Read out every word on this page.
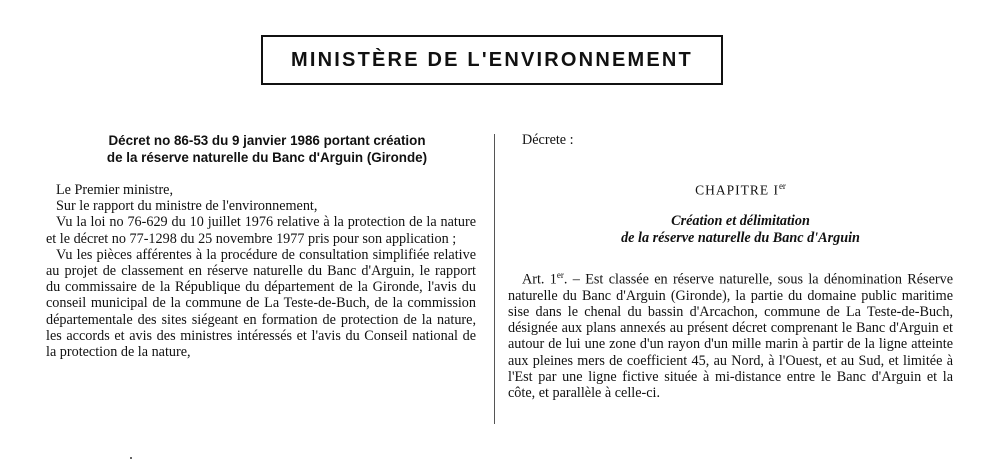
MINISTÈRE DE L'ENVIRONNEMENT
Décret no 86-53 du 9 janvier 1986 portant création
de la réserve naturelle du Banc d'Arguin (Gironde)

Le Premier ministre,

Sur le rapport du ministre de l'environnement,

Vu la loi no 76-629 du 10 juillet 1976 relative à la protection de la nature et le décret no 77-1298 du 25 novembre 1977 pris pour son application ;

Vu les pièces afférentes à la procédure de consultation simplifiée relative au projet de classement en réserve naturelle du Banc d'Arguin, le rapport du commissaire de la République du département de la Gironde, l'avis du conseil municipal de la commune de La Teste-de-Buch, de la commission départementale des sites siégeant en formation de protection de la nature, les accords et avis des ministres intéressés et l'avis du Conseil national de la protection de la nature,

Décrete :

CHAPITRE Ier

Création et délimitation
de la réserve naturelle du Banc d'Arguin

Art. 1er. – Est classée en réserve naturelle, sous la dénomination Réserve naturelle du Banc d'Arguin (Gironde), la partie du domaine public maritime sise dans le chenal du bassin d'Arcachon, commune de La Teste-de-Buch, désignée aux plans annexés au présent décret comprenant le Banc d'Arguin et autour de lui une zone d'un rayon d'un mille marin à partir de la ligne atteinte aux pleines mers de coefficient 45, au Nord, à l'Ouest, et au Sud, et limitée à l'Est par une ligne fictive située à mi-distance entre le Banc d'Arguin et la côte, et parallèle à celle-ci.
